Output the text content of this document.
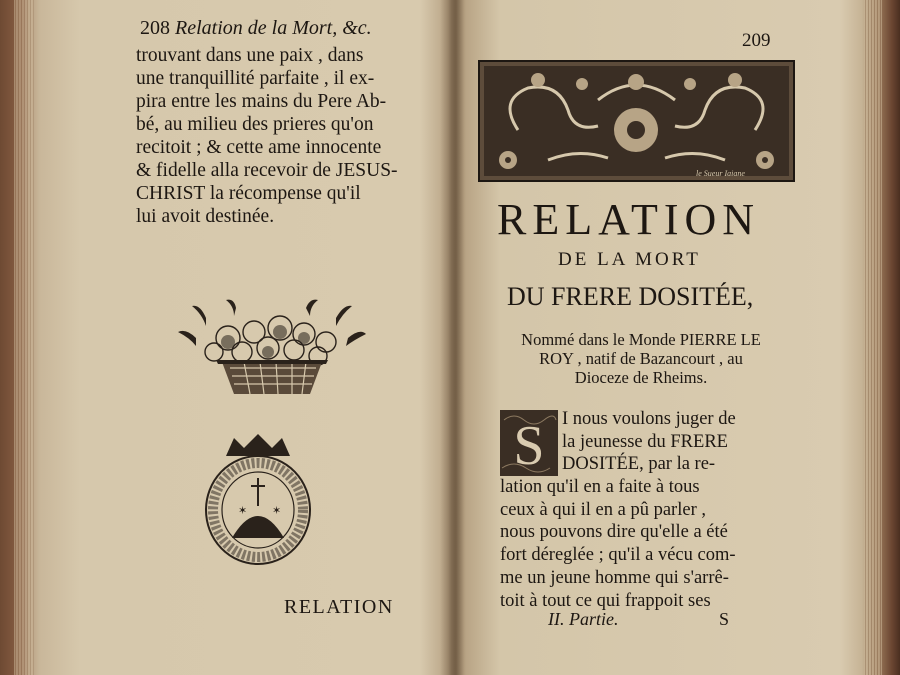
208 Relation de la Mort, &c.
trouvant dans une paix , dans
une tranquillité parfaite , il ex-
pira entre les mains du Pere Ab-
bé, au milieu des prieres qu'on
recitoit ; & cette ame innocente
& fidelle alla recevoir de JESUS-
CHRIST la récompense qu'il
lui avoit destinée.
✶ ✶
RELATION
209
le Sueur Iaiane
RELATION
DE LA MORT
DU FRERE DOSITÉE,
Nommé dans le Monde PIERRE LE
ROY , natif de Bazancourt , au
Dioceze de Rheims.
S I nous voulons juger de
la jeunesse du FRERE
DOSITÉE, par la re-
lation qu'il en a faite à tous
ceux à qui il en a pû parler ,
nous pouvons dire qu'elle a été
fort déreglée ; qu'il a vécu com-
me un jeune homme qui s'arrê-
toit à tout ce qui frappoit ses
II. Partie.	S
